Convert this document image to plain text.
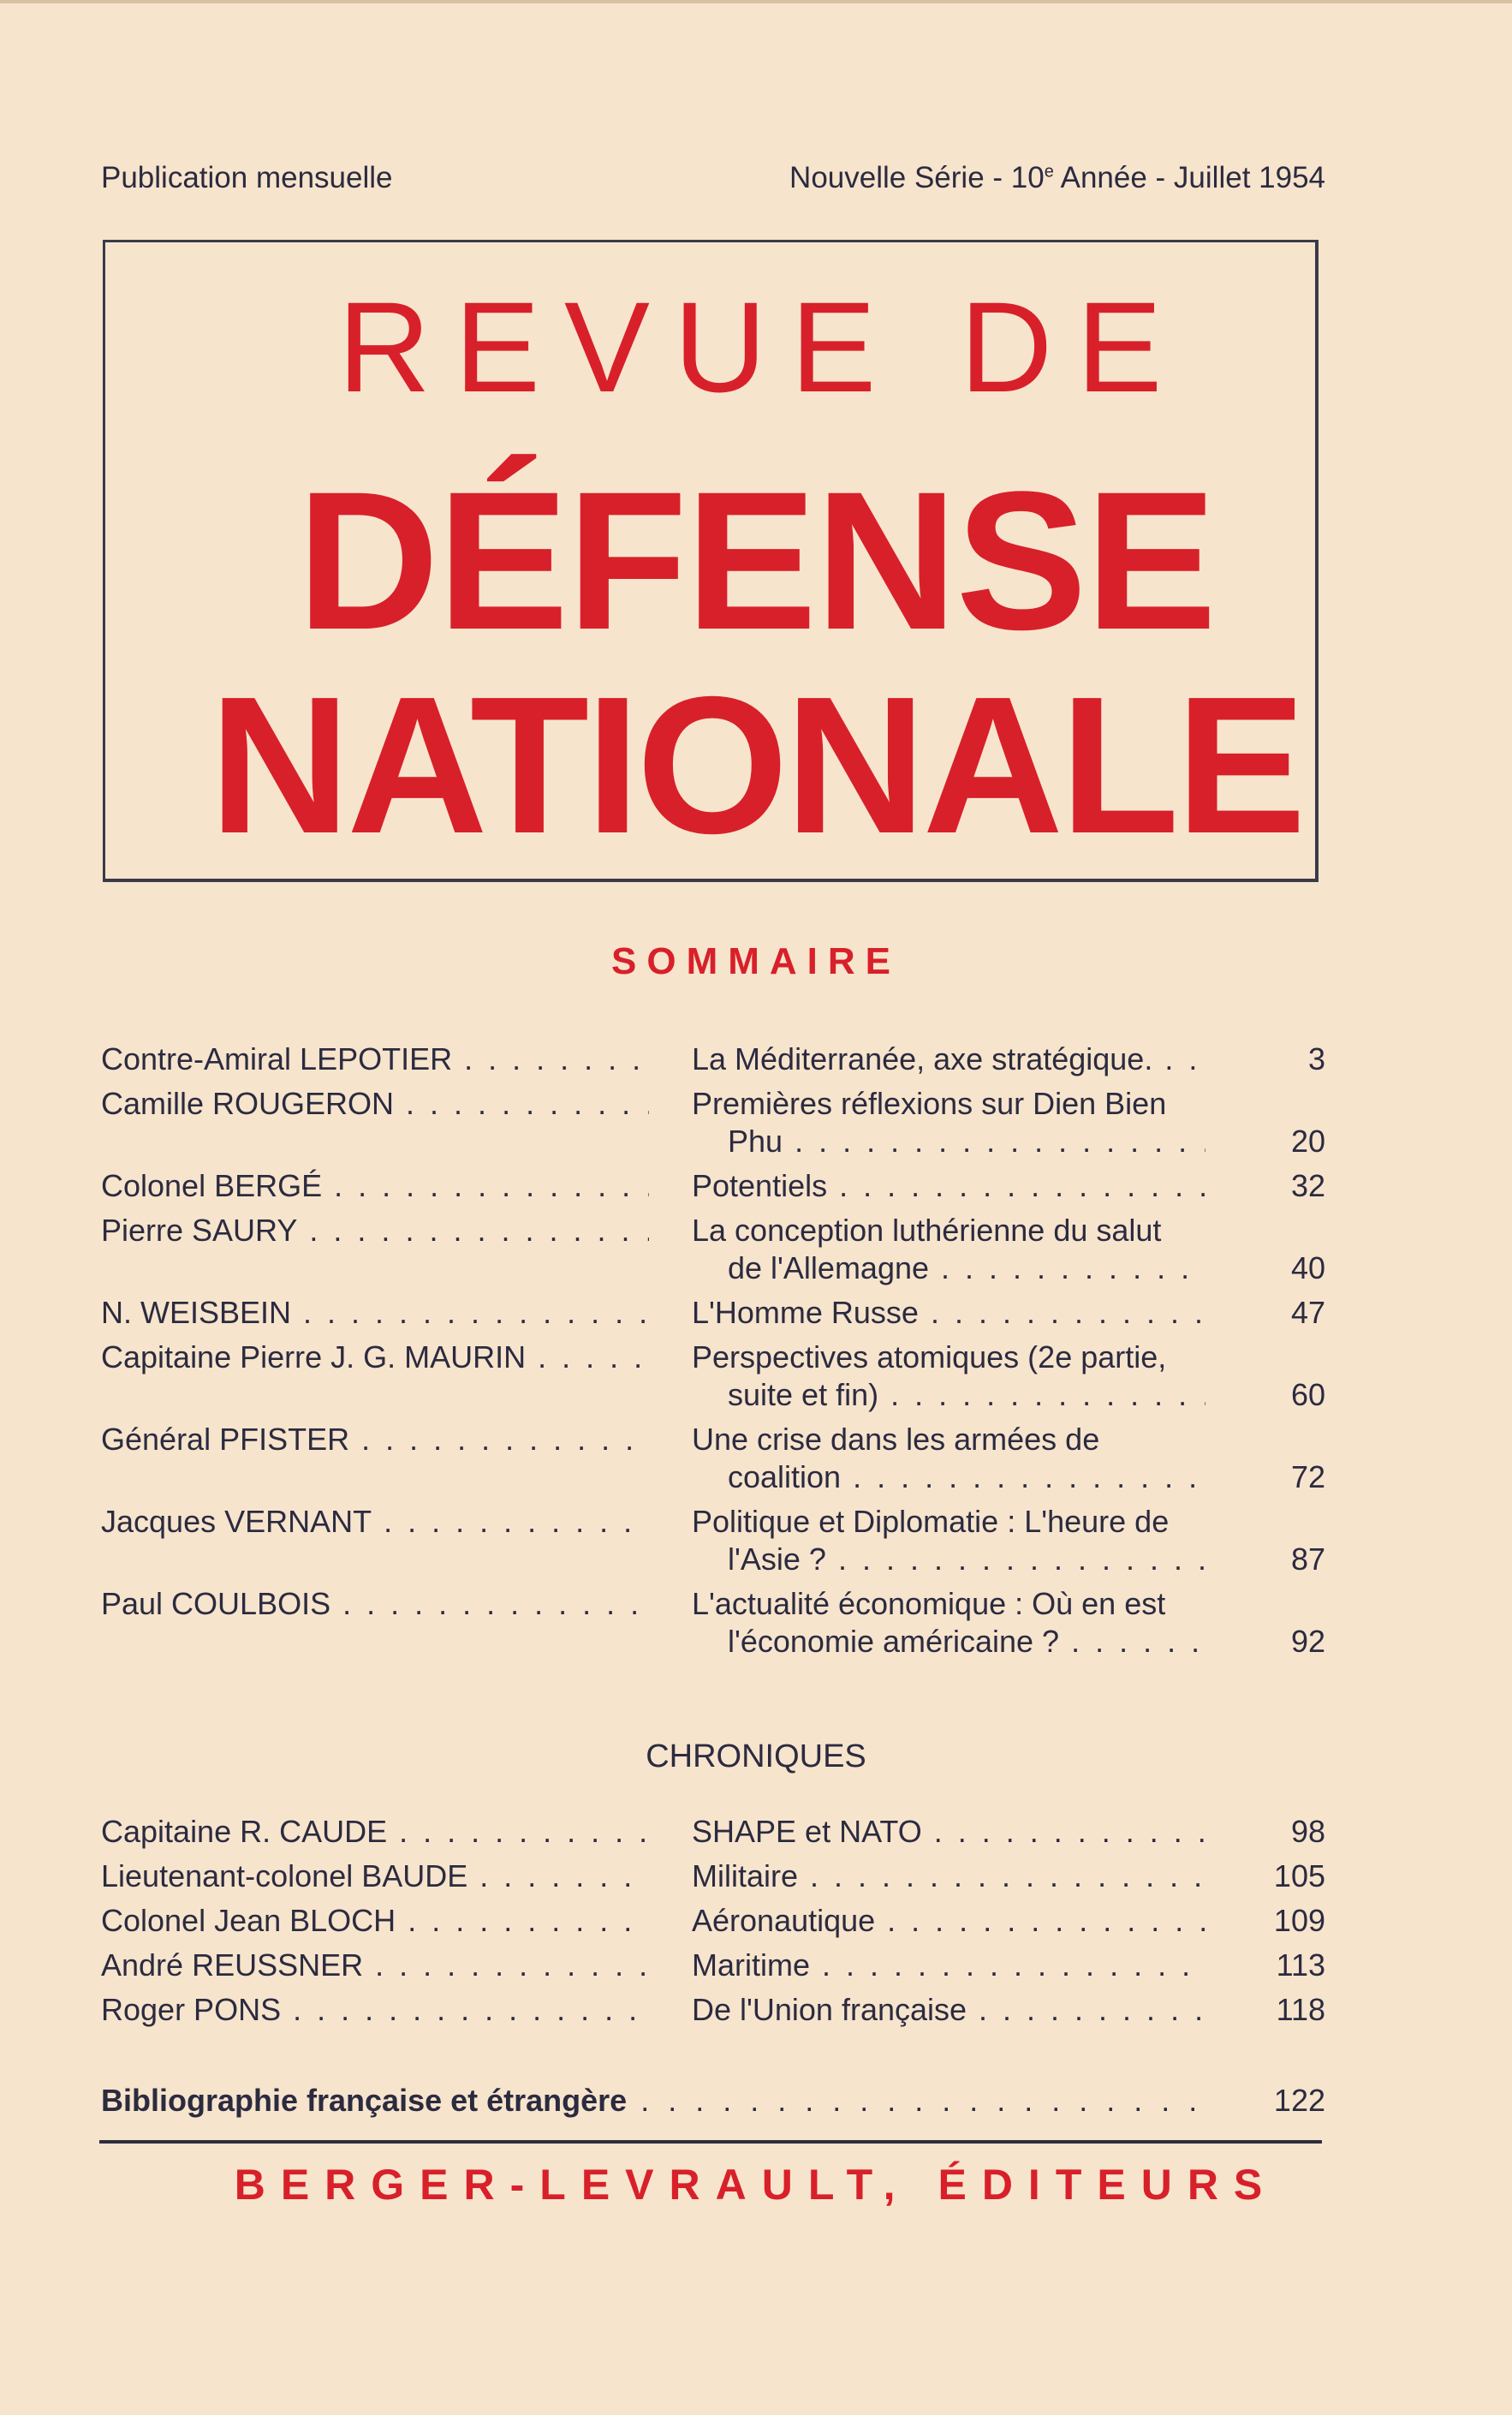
Publication mensuelle	Nouvelle Série - 10e Année - Juillet 1954
REVUE DE
DÉFENSE
NATIONALE
SOMMAIRE
Contre-Amiral LEPOTIER . . .	La Méditerranée, axe stratégique. . . .	3
Camille ROUGERON . . .	Premières réflexions sur Dien Bien
Phu . . .	20
Colonel BERGÉ . . .	Potentiels . . .	32
Pierre SAURY . . .	La conception luthérienne du salut
de l'Allemagne . . .	40
N. WEISBEIN . . .	L'Homme Russe . . .	47
Capitaine Pierre J. G. MAURIN . . .	Perspectives atomiques (2e partie,
suite et fin) . . .	60
Général PFISTER . . .	Une crise dans les armées de
coalition . . .	72
Jacques VERNANT . . .	Politique et Diplomatie : L'heure de
l'Asie ? . . .	87
Paul COULBOIS . . .	L'actualité économique : Où en est
l'économie américaine ? . . .	92
CHRONIQUES
Capitaine R. CAUDE . . .	SHAPE et NATO . . .	98
Lieutenant-colonel BAUDE . . .	Militaire . . .	105
Colonel Jean BLOCH . . .	Aéronautique . . .	109
André REUSSNER . . .	Maritime . . .	113
Roger PONS . . .	De l'Union française . . .	118
Bibliographie française et étrangère . . .	122
BERGER-LEVRAULT, ÉDITEURS
